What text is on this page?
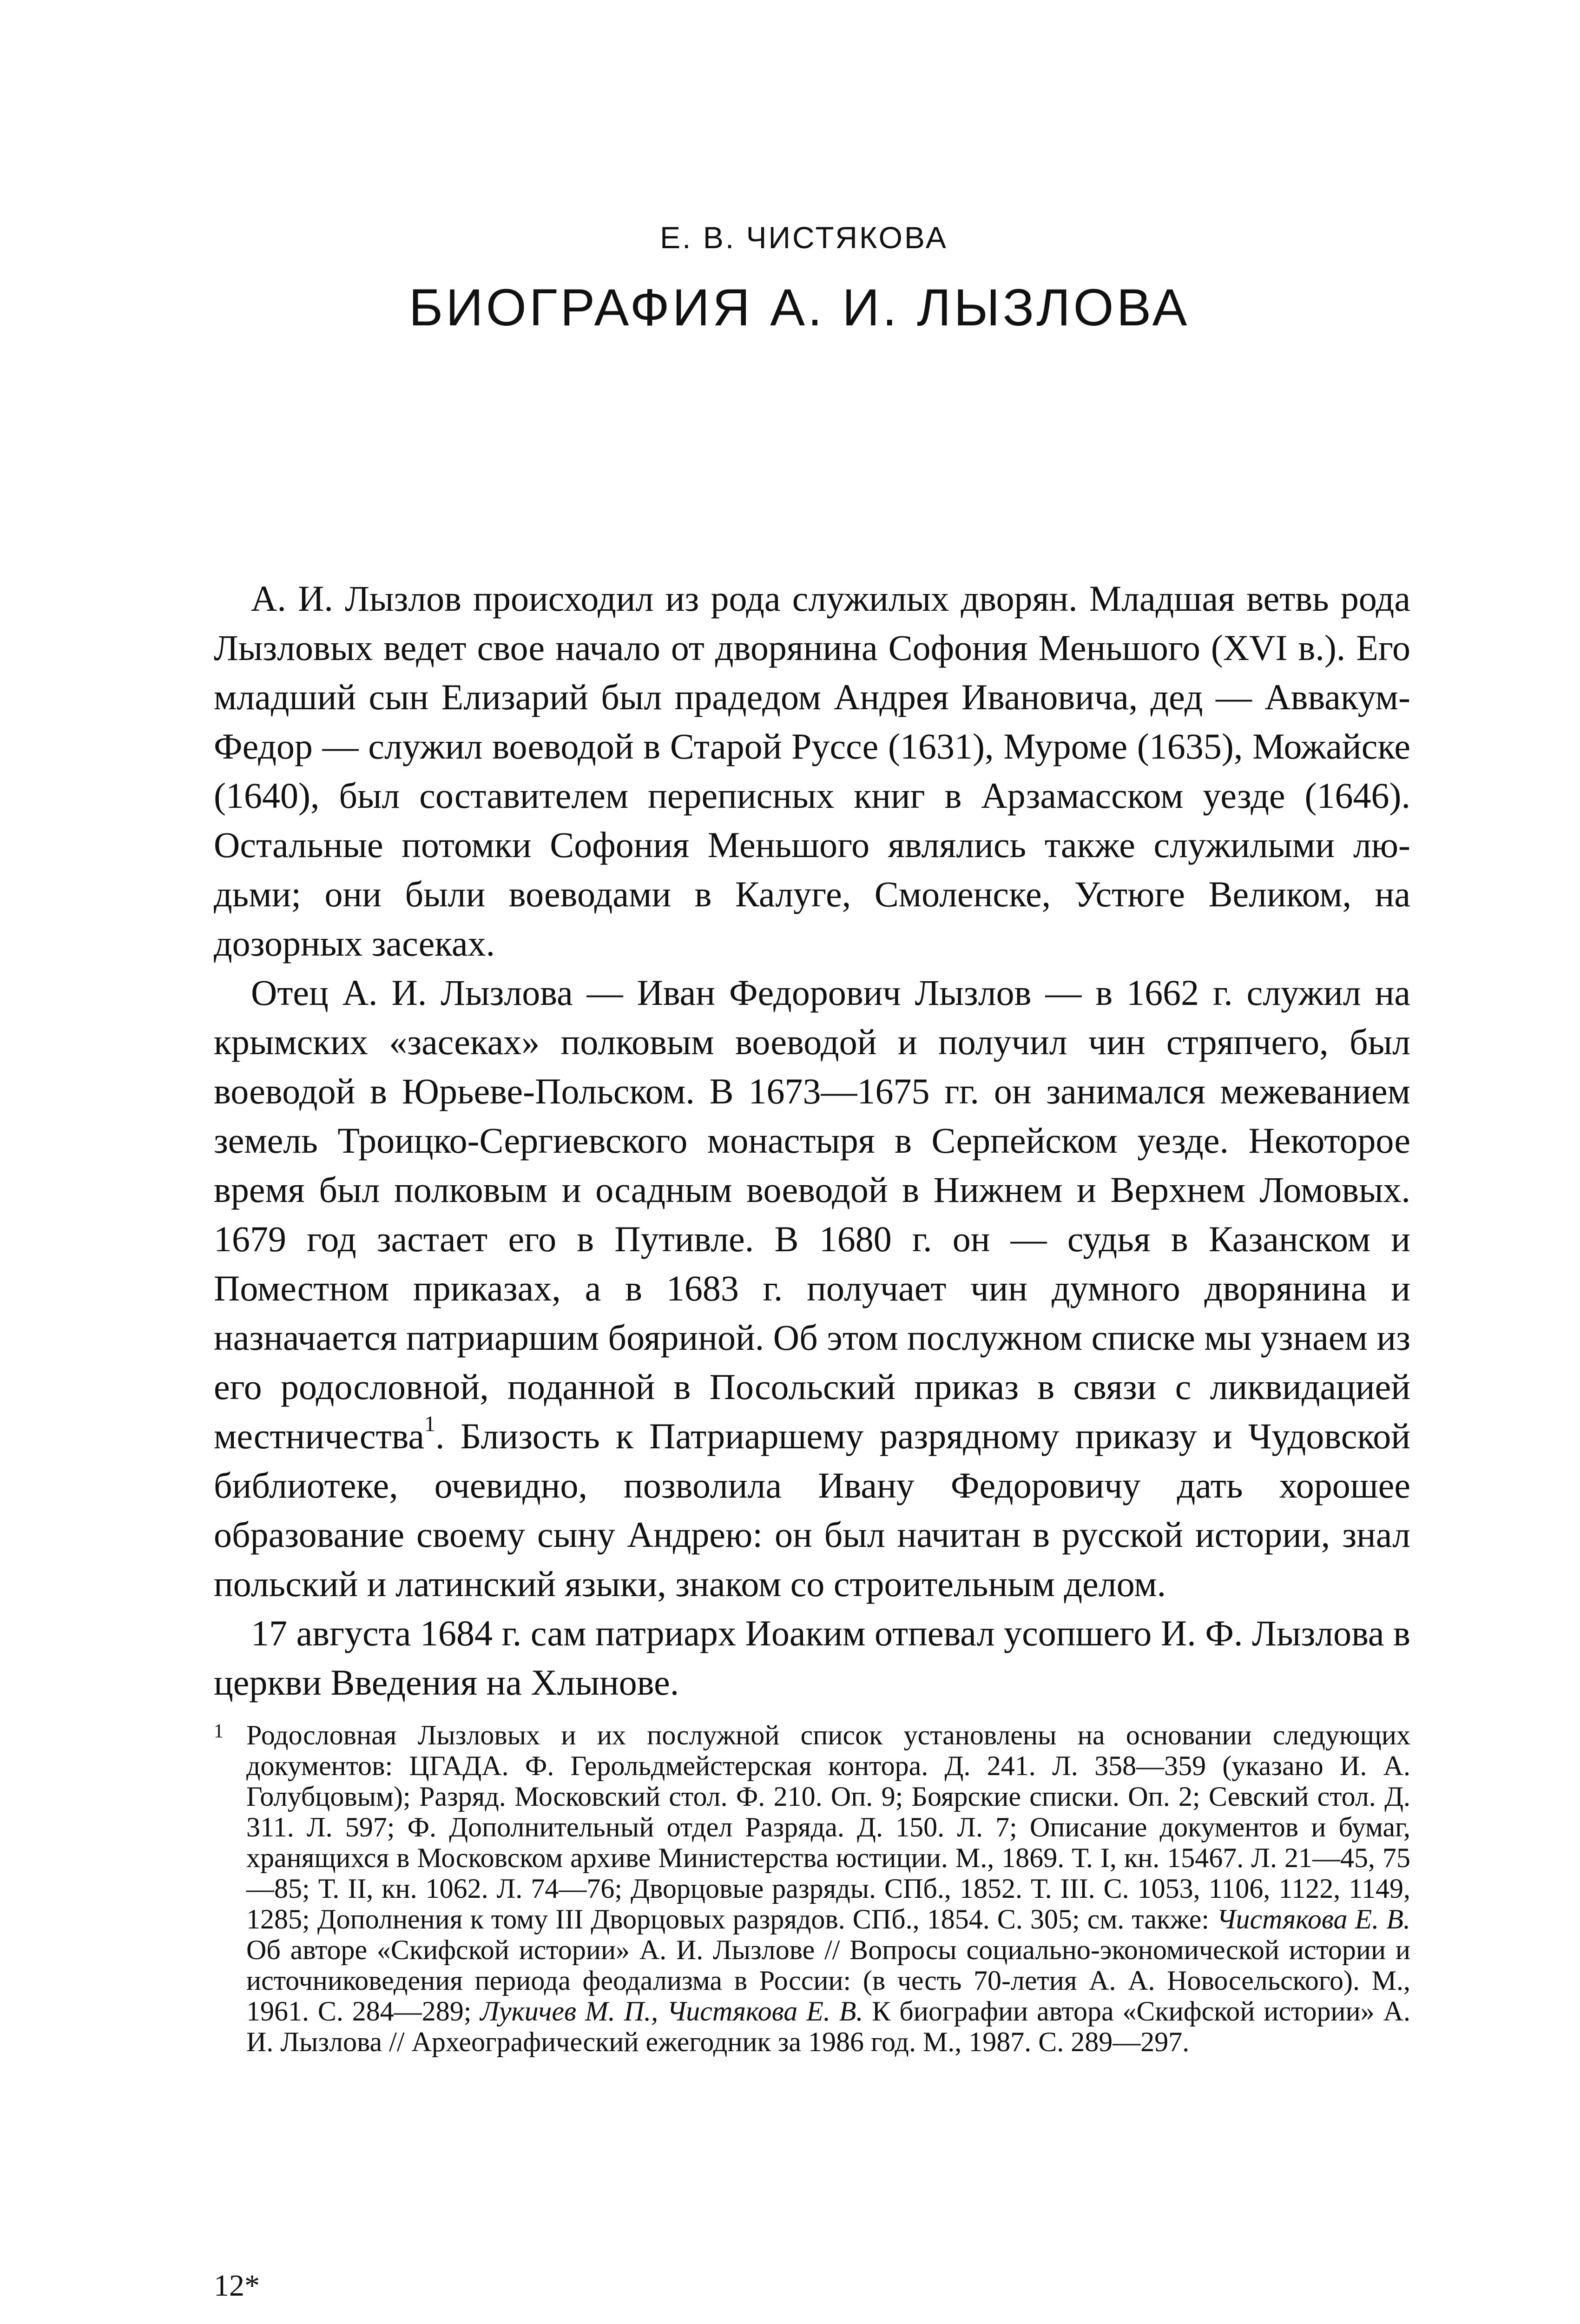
Е. В. ЧИСТЯКОВА
БИОГРАФИЯ А. И. ЛЫЗЛОВА

А. И. Лызлов происходил из рода служилых дворян. Младшая ветвь рода Лызловых ведет свое начало от дворянина Софония Меньшого (XVI в.). Его младший сын Елизарий был прадедом Андрея Ивановича, дед — Аввакум-Федор — служил воеводой в Старой Руссе (1631), Муроме (1635), Можайске (1640), был составителем переписных книг в Арзамасском уезде (1646). Остальные потомки Софония Меньшого являлись также служилыми людьми; они были воеводами в Калуге, Смоленске, Устюге Великом, на дозорных засеках.

Отец А. И. Лызлова — Иван Федорович Лызлов — в 1662 г. служил на крымских «засеках» полковым воеводой и получил чин стряпчего, был воеводой в Юрьеве-Польском. В 1673—1675 гг. он занимался межеванием земель Троицко-Сергиевского монастыря в Серпейском уезде. Некоторое время был полковым и осадным воеводой в Нижнем и Верхнем Ломовых. 1679 год застает его в Путивле. В 1680 г. он — судья в Казанском и Поместном приказах, а в 1683 г. получает чин думного дворянина и назначается патриаршим бояриной. Об этом послужном списке мы узнаем из его родословной, поданной в Посольский приказ в связи с ликвидацией местничества$^1$. Близость к Патриаршему разрядному приказу и Чудовской библиотеке, очевидно, позволила Ивану Федоровичу дать хорошее образование своему сыну Андрею: он был начитан в русской истории, знал польский и латинский языки, знаком со строительным делом.

17 августа 1684 г. сам патриарх Иоаким отпевал усопшего И. Ф. Лызлова в церкви Введения на Хлынове.

1 Родословная Лызловых и их послужной список установлены на основании следующих документов: ЦГАДА. Ф. Герольдмейстерская контора. Д. 241. Л. 358—359 (указано И. А. Голубцовым); Разряд. Московский стол. Ф. 210. Оп. 9; Боярские списки. Оп. 2; Севский стол. Д. 311. Л. 597; Ф. Дополнительный отдел Разряда. Д. 150. Л. 7; Описание документов и бумаг, хранящихся в Московском архиве Министерства юстиции. М., 1869. Т. I, кн. 15467. Л. 21—45, 75—85; Т. II, кн. 1062. Л. 74—76; Дворцовые разряды. СПб., 1852. Т. III. С. 1053, 1106, 1122, 1149, 1285; Дополнения к тому III Дворцовых разрядов. СПб., 1854. С. 305; см. также: Чистякова Е. В. Об авторе «Скифской истории» А. И. Лызлове // Вопросы социально-экономической истории и источниковедения периода феодализма в России: (в честь 70-летия А. А. Новосельского). М., 1961. С. 284—289; Лукичев М. П., Чистякова Е. В. К биографии автора «Скифской истории» А. И. Лызлова // Археографический ежегодник за 1986 год. М., 1987. С. 289—297.

12*
